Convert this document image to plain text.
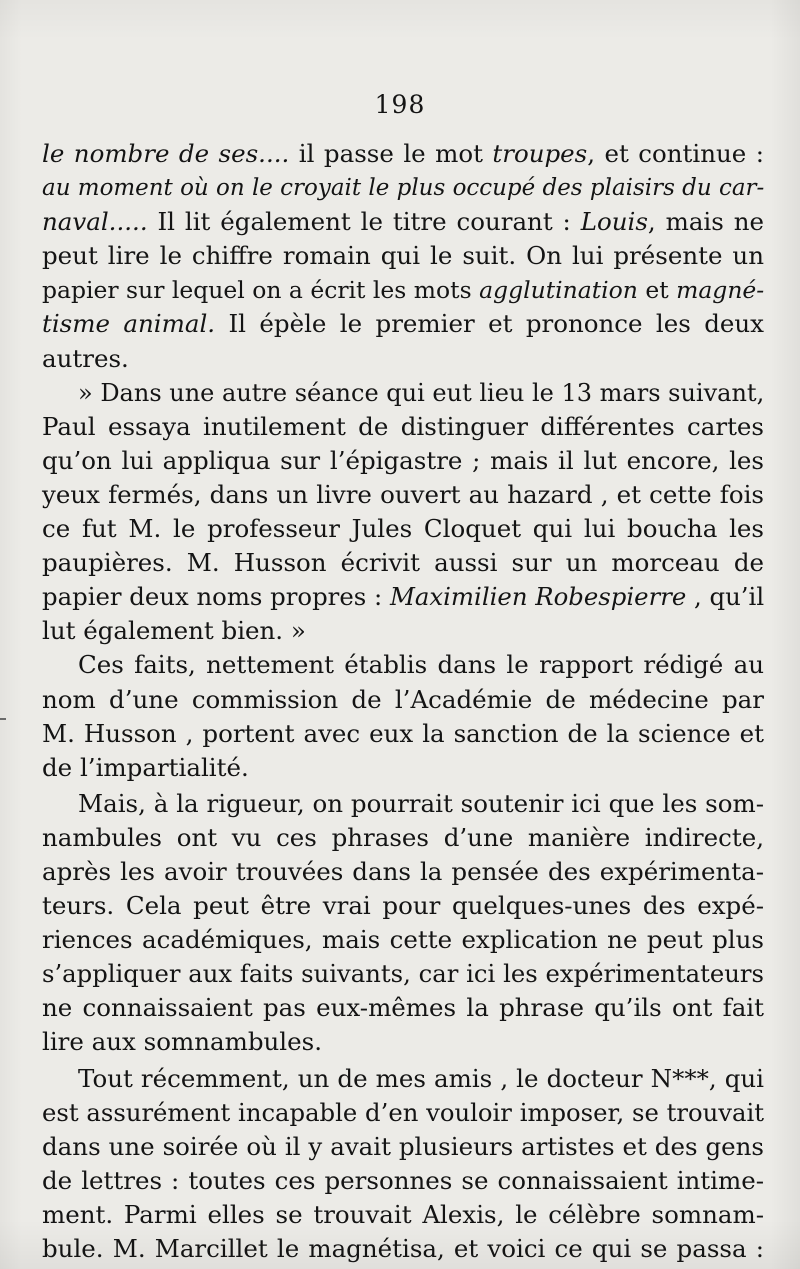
198
le nombre de ses.... il passe le mot troupes, et continue :
au moment où on le croyait le plus occupé des plaisirs du car-
naval..... Il lit également le titre courant : Louis, mais ne
peut lire le chiffre romain qui le suit. On lui présente un
papier sur lequel on a écrit les mots agglutination et magné-
tisme animal. Il épèle le premier et prononce les deux
autres.
» Dans une autre séance qui eut lieu le 13 mars suivant,
Paul essaya inutilement de distinguer différentes cartes
qu’on lui appliqua sur l’épigastre ; mais il lut encore, les
yeux fermés, dans un livre ouvert au hazard , et cette fois
ce fut M. le professeur Jules Cloquet qui lui boucha les
paupières. M. Husson écrivit aussi sur un morceau de
papier deux noms propres : Maximilien Robespierre , qu’il
lut également bien. »
Ces faits, nettement établis dans le rapport rédigé au
nom d’une commission de l’Académie de médecine par
M. Husson , portent avec eux la sanction de la science et
de l’impartialité.
Mais, à la rigueur, on pourrait soutenir ici que les som-
nambules ont vu ces phrases d’une manière indirecte,
après les avoir trouvées dans la pensée des expérimenta-
teurs. Cela peut être vrai pour quelques-unes des expé-
riences académiques, mais cette explication ne peut plus
s’appliquer aux faits suivants, car ici les expérimentateurs
ne connaissaient pas eux-mêmes la phrase qu’ils ont fait
lire aux somnambules.
Tout récemment, un de mes amis , le docteur N***, qui
est assurément incapable d’en vouloir imposer, se trouvait
dans une soirée où il y avait plusieurs artistes et des gens
de lettres : toutes ces personnes se connaissaient intime-
ment. Parmi elles se trouvait Alexis, le célèbre somnam-
bule. M. Marcillet le magnétisa, et voici ce qui se passa :
